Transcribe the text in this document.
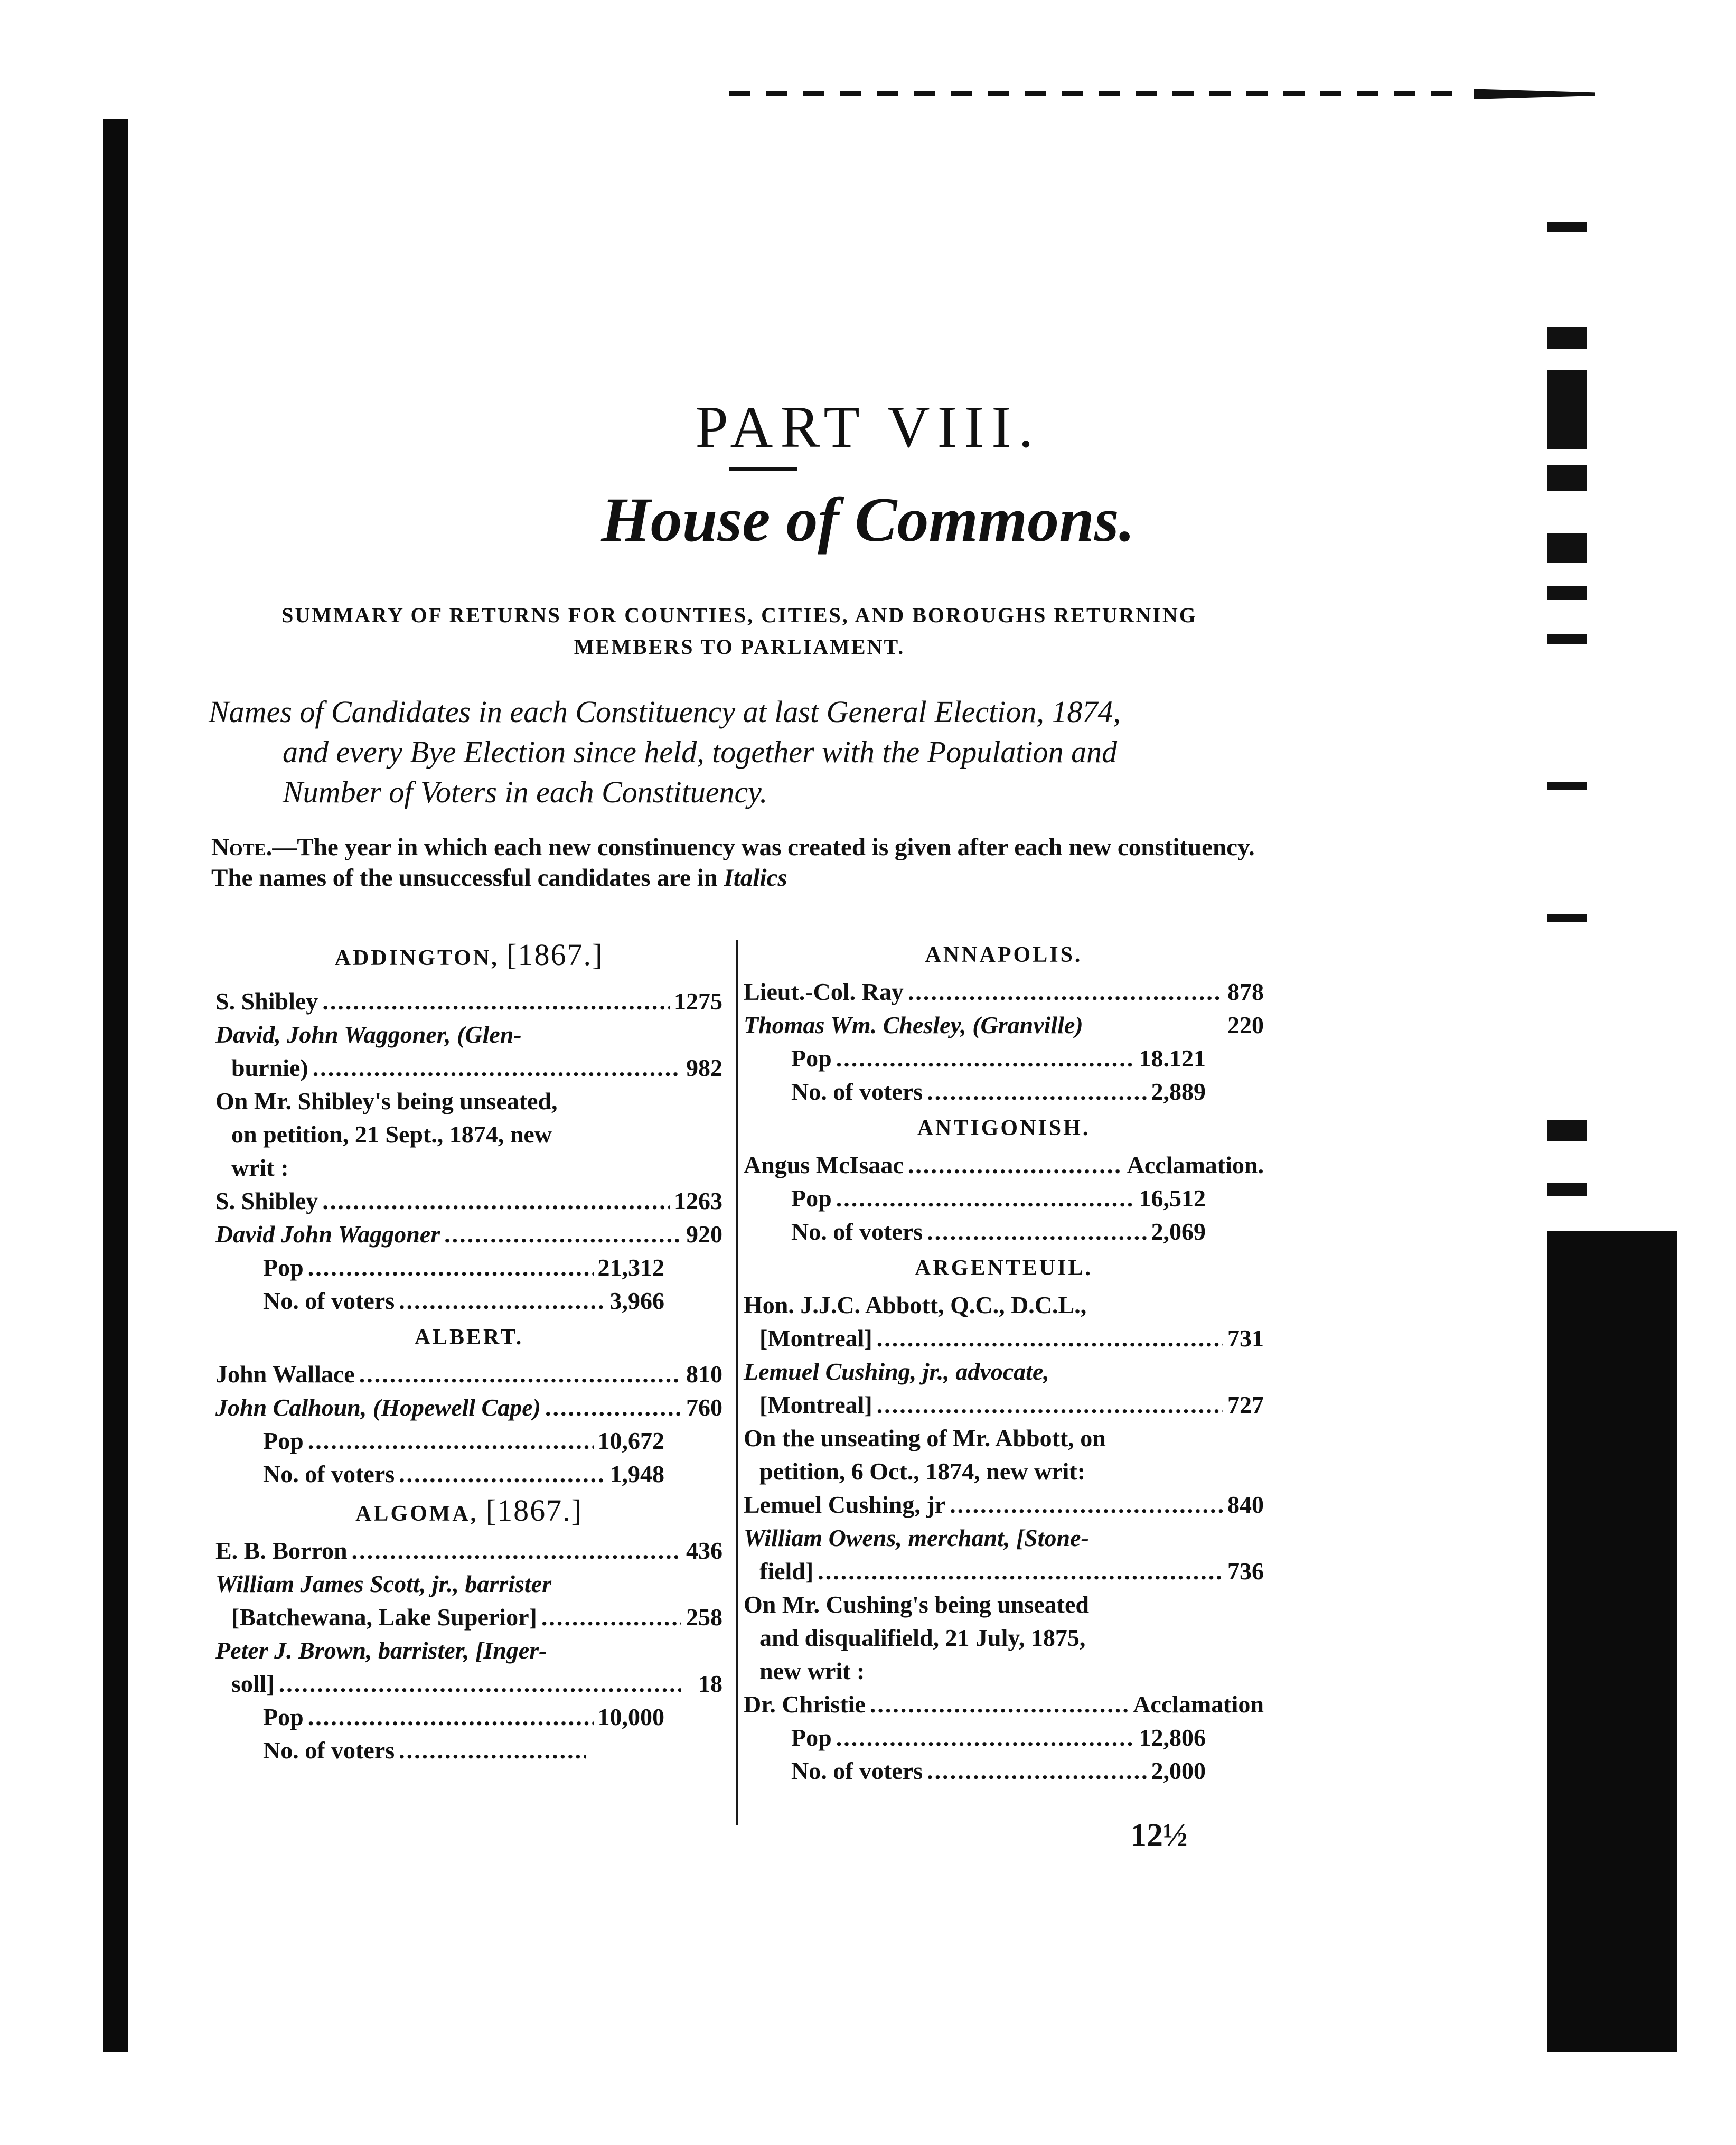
PART VIII.
House of Commons.
SUMMARY OF RETURNS FOR COUNTIES, CITIES, AND BOROUGHS RETURNING
MEMBERS TO PARLIAMENT.
Names of Candidates in each Constituency at last General Election, 1874,
and every Bye Election since held, together with the Population and
Number of Voters in each Constituency.
Note.—The year in which each new constinuency was created is given after each new constituency. The names of the unsuccessful candidates are in Italics
ADDINGTON, [1867.]
S. Shibley .....	1275
David, John Waggoner, (Glen-
burnie) .....	982
On Mr. Shibley's being unseated,
on petition, 21 Sept., 1874, new
writ :
S. Shibley .....	1263
David John Waggoner .....	920
Pop .....	21,312
No. of voters .....	3,966
ALBERT.
John Wallace .....	810
John Calhoun, (Hopewell Cape) .....	760
Pop .....	10,672
No. of voters .....	1,948
ALGOMA, [1867.]
E. B. Borron .....	436
William James Scott, jr., barrister
[Batchewana, Lake Superior] .....	258
Peter J. Brown, barrister, [Inger-
soll] .....	18
Pop .....	10,000
No. of voters
.....
ANNAPOLIS.
Lieut.-Col. Ray .....	878
Thomas Wm. Chesley, (Granville)	220
Pop .....	18.121
No. of voters .....	2,889
ANTIGONISH.
Angus McIsaac .....	Acclamation.
Pop .....	16,512
No. of voters .....	2,069
ARGENTEUIL.
Hon. J.J.C. Abbott, Q.C., D.C.L.,
[Montreal] .....	731
Lemuel Cushing, jr., advocate,
[Montreal] .....	727
On the unseating of Mr. Abbott, on
petition, 6 Oct., 1874, new writ:
Lemuel Cushing, jr .....	840
William Owens, merchant, [Stone-
field] .....	736
On Mr. Cushing's being unseated
and disqualifield, 21 July, 1875,
new writ :
Dr. Christie .....	Acclamation
Pop .....	12,806
No. of voters .....	2,000
12½
